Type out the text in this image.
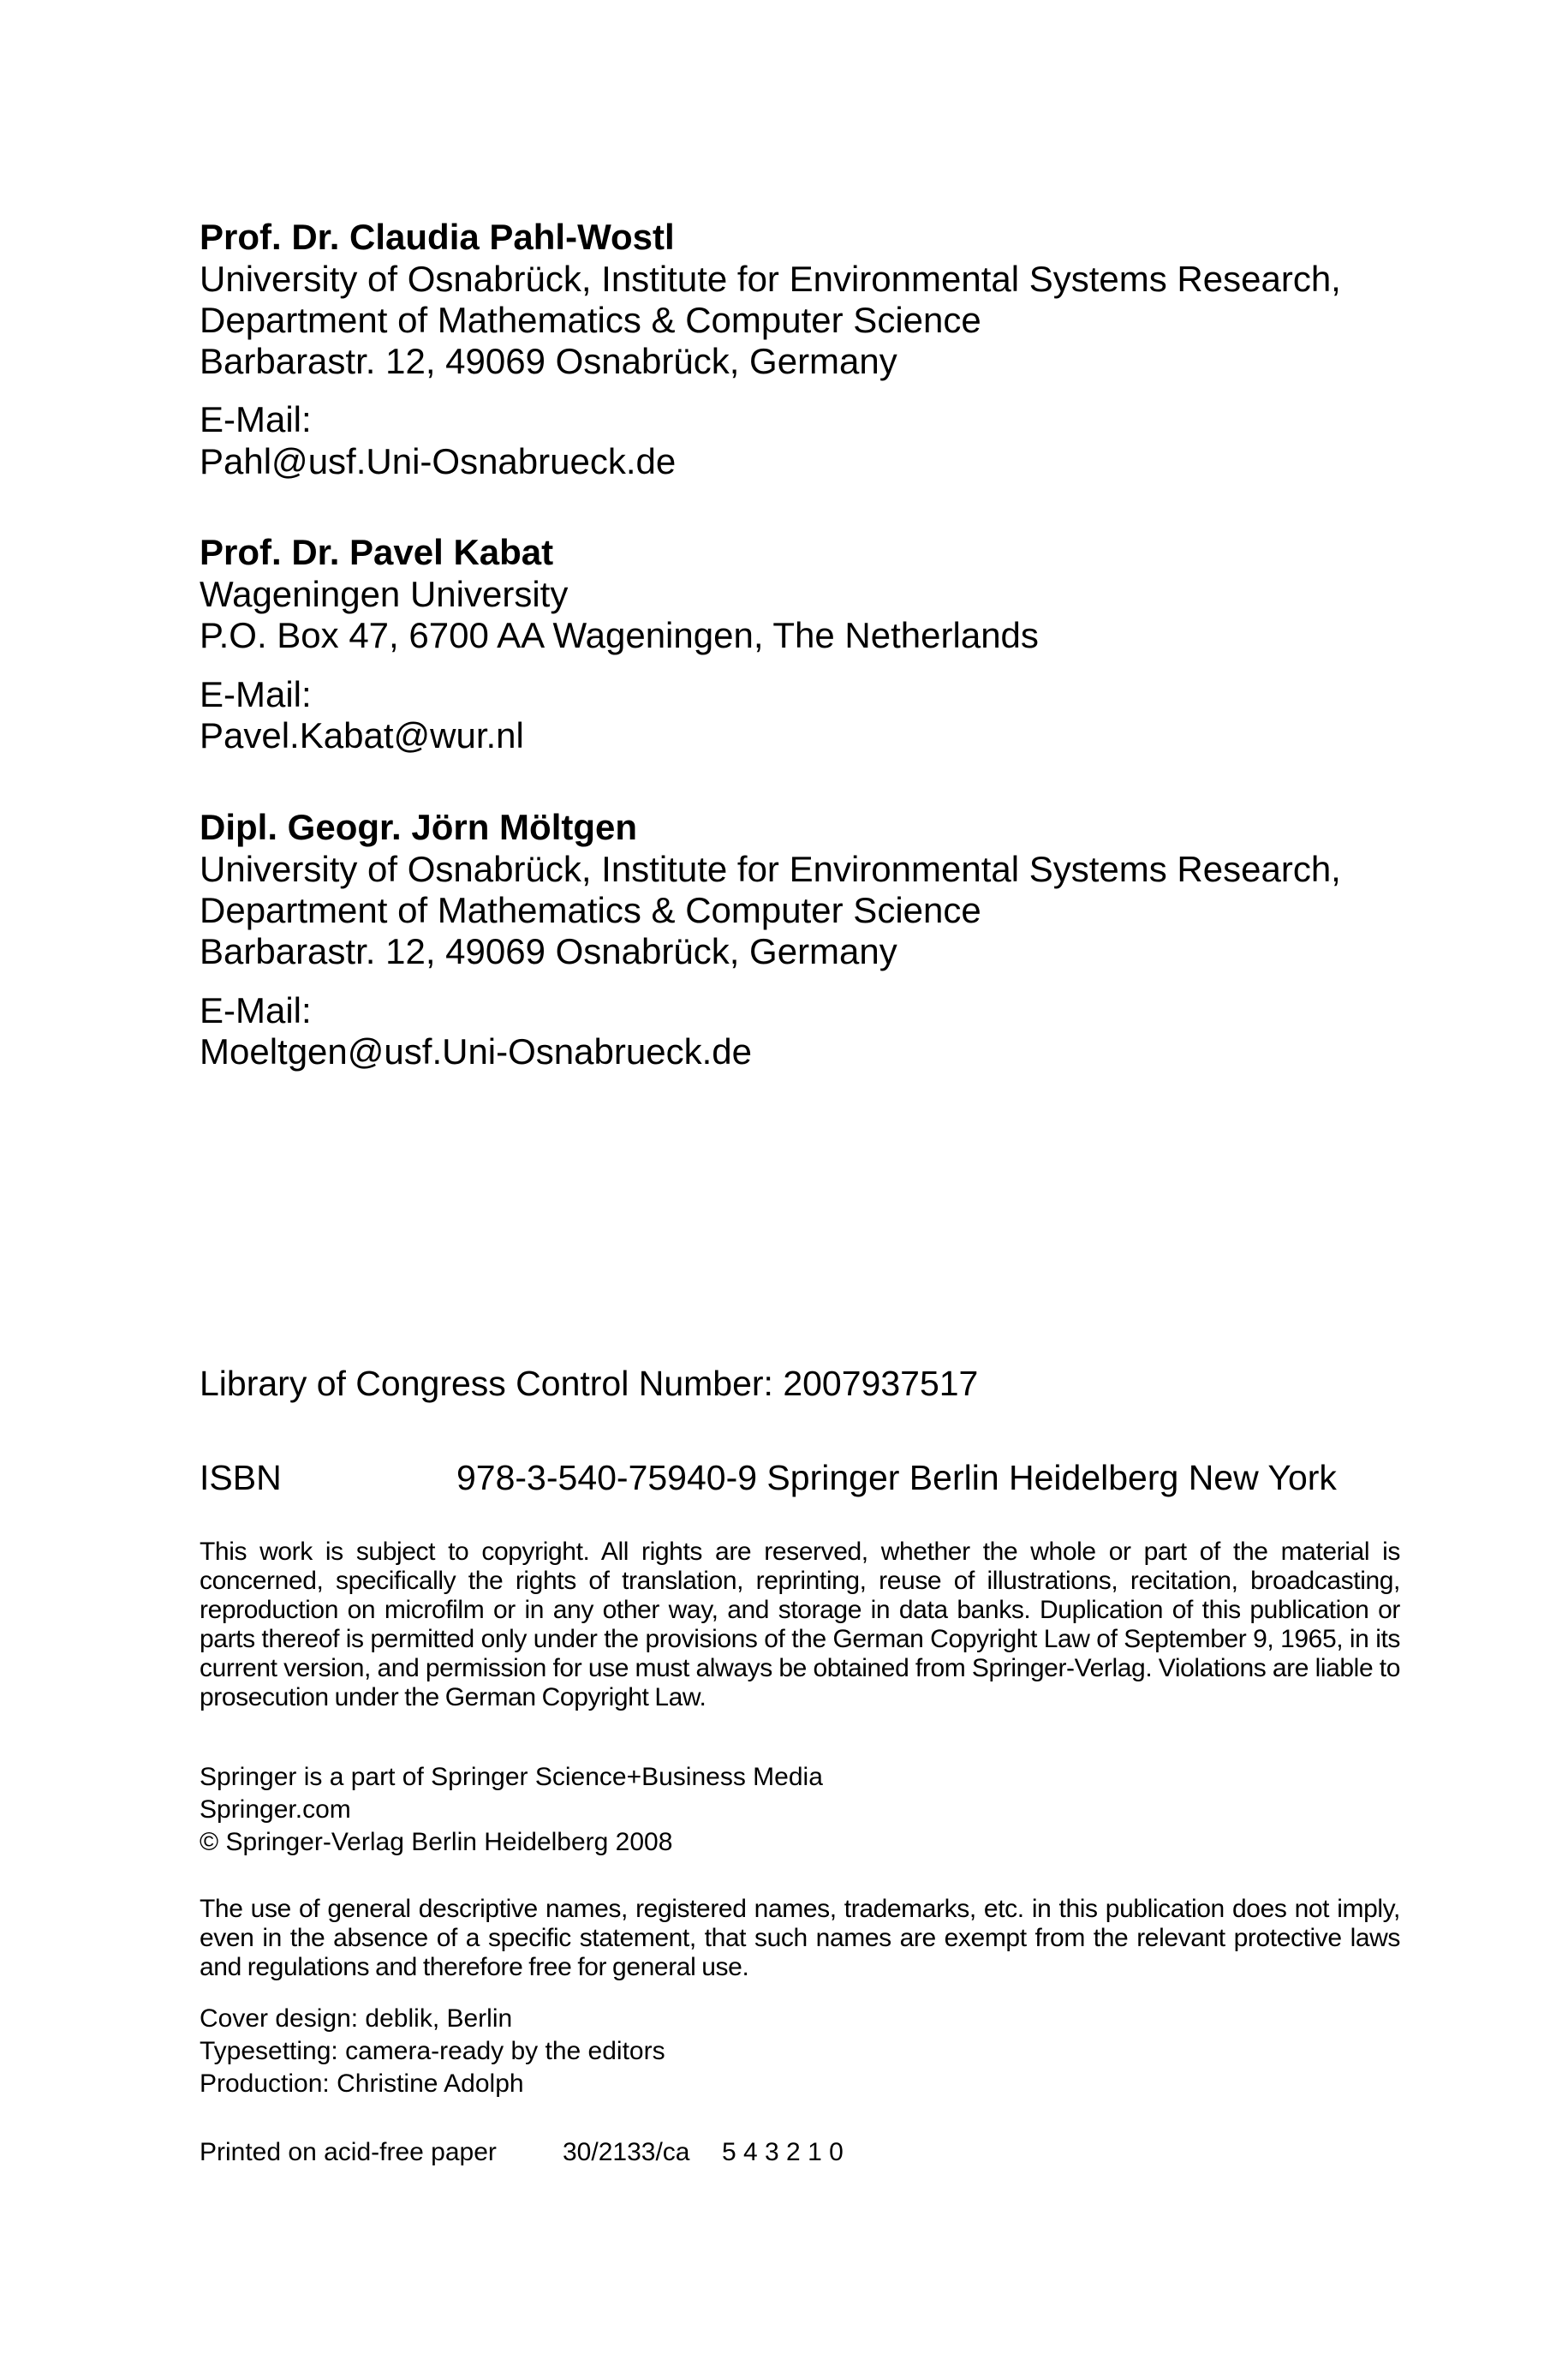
Prof. Dr. Claudia Pahl-Wostl
University of Osnabrück, Institute for Environmental Systems Research,
Department of Mathematics & Computer Science
Barbarastr. 12, 49069 Osnabrück, Germany
E-Mail:
Pahl@usf.Uni-Osnabrueck.de
Prof. Dr. Pavel Kabat
Wageningen University
P.O. Box 47, 6700 AA Wageningen, The Netherlands
E-Mail:
Pavel.Kabat@wur.nl
Dipl. Geogr. Jörn Möltgen
University of Osnabrück, Institute for Environmental Systems Research,
Department of Mathematics & Computer Science
Barbarastr. 12, 49069 Osnabrück, Germany
E-Mail:
Moeltgen@usf.Uni-Osnabrueck.de
Library of Congress Control Number: 2007937517
ISBN	978-3-540-75940-9 Springer Berlin Heidelberg New York

This work is subject to copyright. All rights are reserved, whether the whole or part of the material is concerned, specifically the rights of translation, reprinting, reuse of illustrations, recitation, broadcasting, reproduction on microfilm or in any other way, and storage in data banks. Duplication of this publication or parts thereof is permitted only under the provisions of the German Copyright Law of September 9, 1965, in its current version, and permission for use must always be obtained from Springer-Verlag. Violations are liable to prosecution under the German Copyright Law.

Springer is a part of Springer Science+Business Media
Springer.com
© Springer-Verlag Berlin Heidelberg 2008

The use of general descriptive names, registered names, trademarks, etc. in this publication does not imply, even in the absence of a specific statement, that such names are exempt from the relevant protective laws and regulations and therefore free for general use.

Cover design: deblik, Berlin
Typesetting: camera-ready by the editors
Production: Christine Adolph
Printed on acid-free paper	30/2133/ca 5 4 3 2 1 0
